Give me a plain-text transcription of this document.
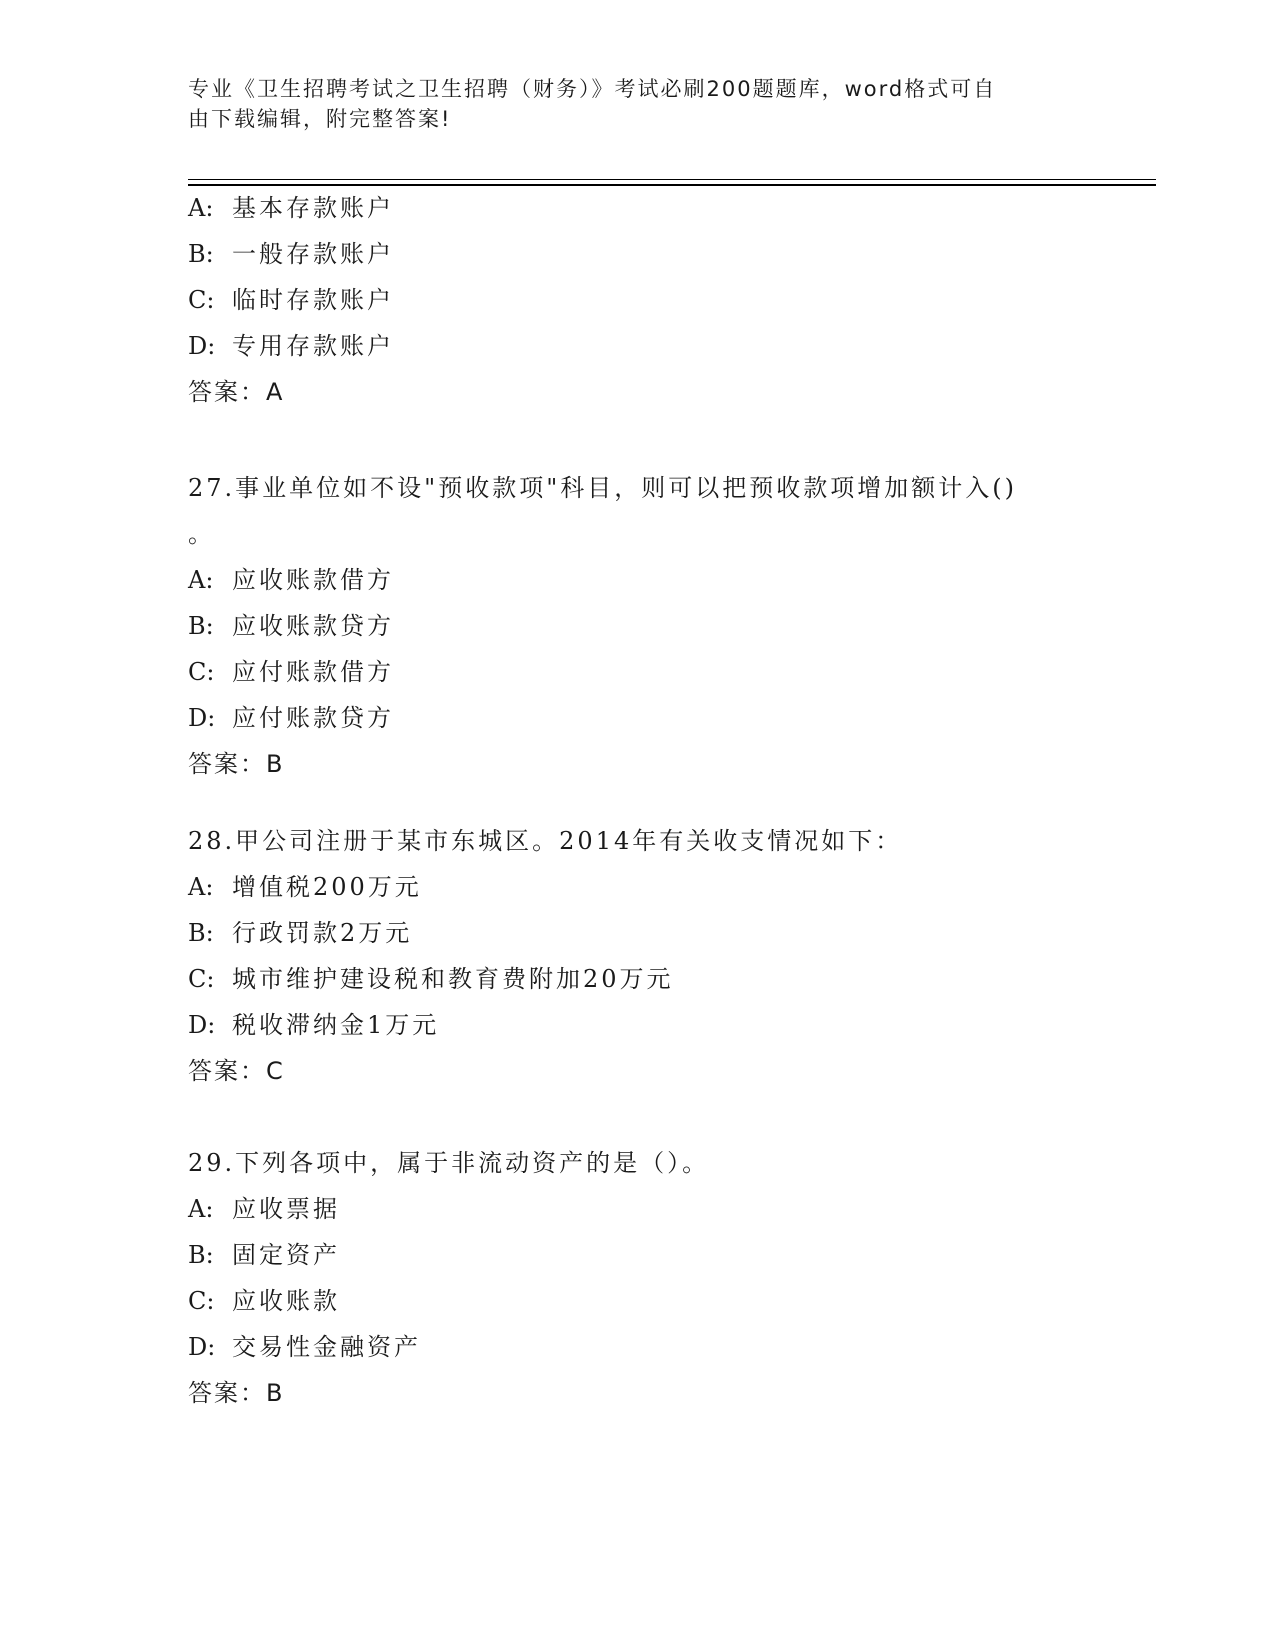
专业《卫生招聘考试之卫生招聘（财务）》考试必刷200题题库，word格式可自
由下载编辑，附完整答案!
A: 基本存款账户
B: 一般存款账户
C: 临时存款账户
D: 专用存款账户
答案：A
27.事业单位如不设"预收款项"科目，则可以把预收款项增加额计入()
。
A: 应收账款借方
B: 应收账款贷方
C: 应付账款借方
D: 应付账款贷方
答案：B
28.甲公司注册于某市东城区。2014年有关收支情况如下：
A: 增值税200万元
B: 行政罚款2万元
C: 城市维护建设税和教育费附加20万元
D: 税收滞纳金1万元
答案：C
29.下列各项中，属于非流动资产的是（）。
A: 应收票据
B: 固定资产
C: 应收账款
D: 交易性金融资产
答案：B
